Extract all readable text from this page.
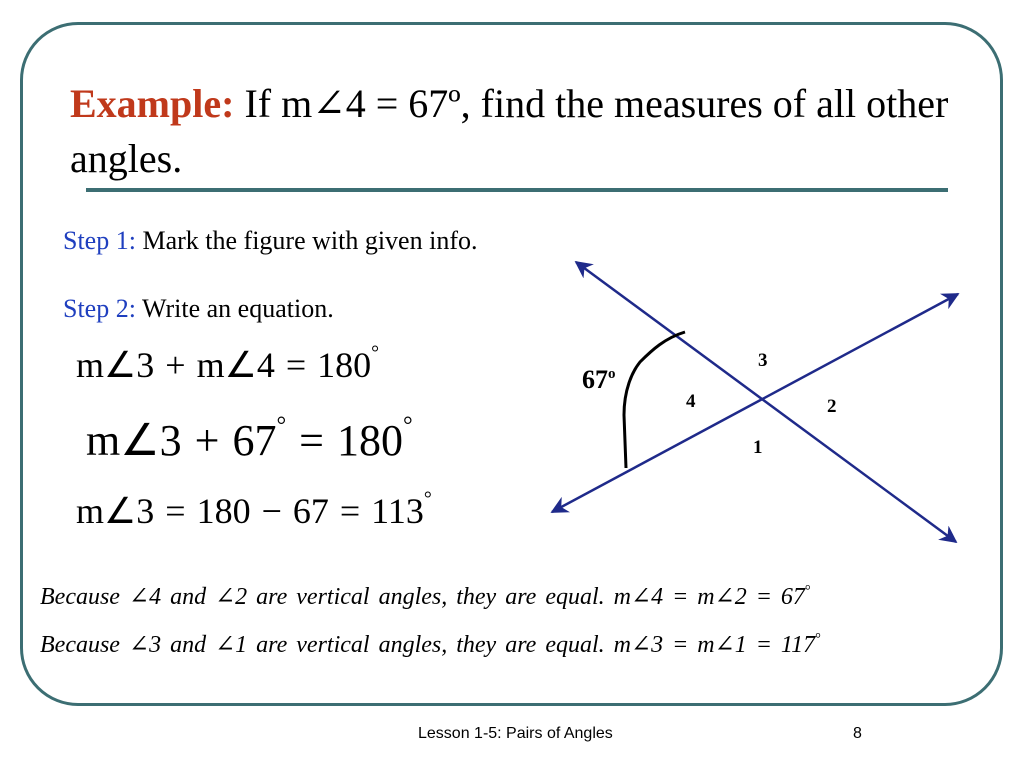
Example: If m∠4 = 67º, find the measures of all other angles.
Step 1: Mark the figure with given info.
Step 2: Write an equation.
m∠3 + m∠4 = 180°
m∠3 + 67° = 180°
m∠3 = 180 − 67 = 113°
67$^o$
3
4	2
1
Because ∠4 and ∠2 are vertical angles, they are equal. m∠4 = m∠2 = 67°
Because ∠3 and ∠1 are vertical angles, they are equal. m∠3 = m∠1 = 117°
Lesson 1-5: Pairs of Angles	8
